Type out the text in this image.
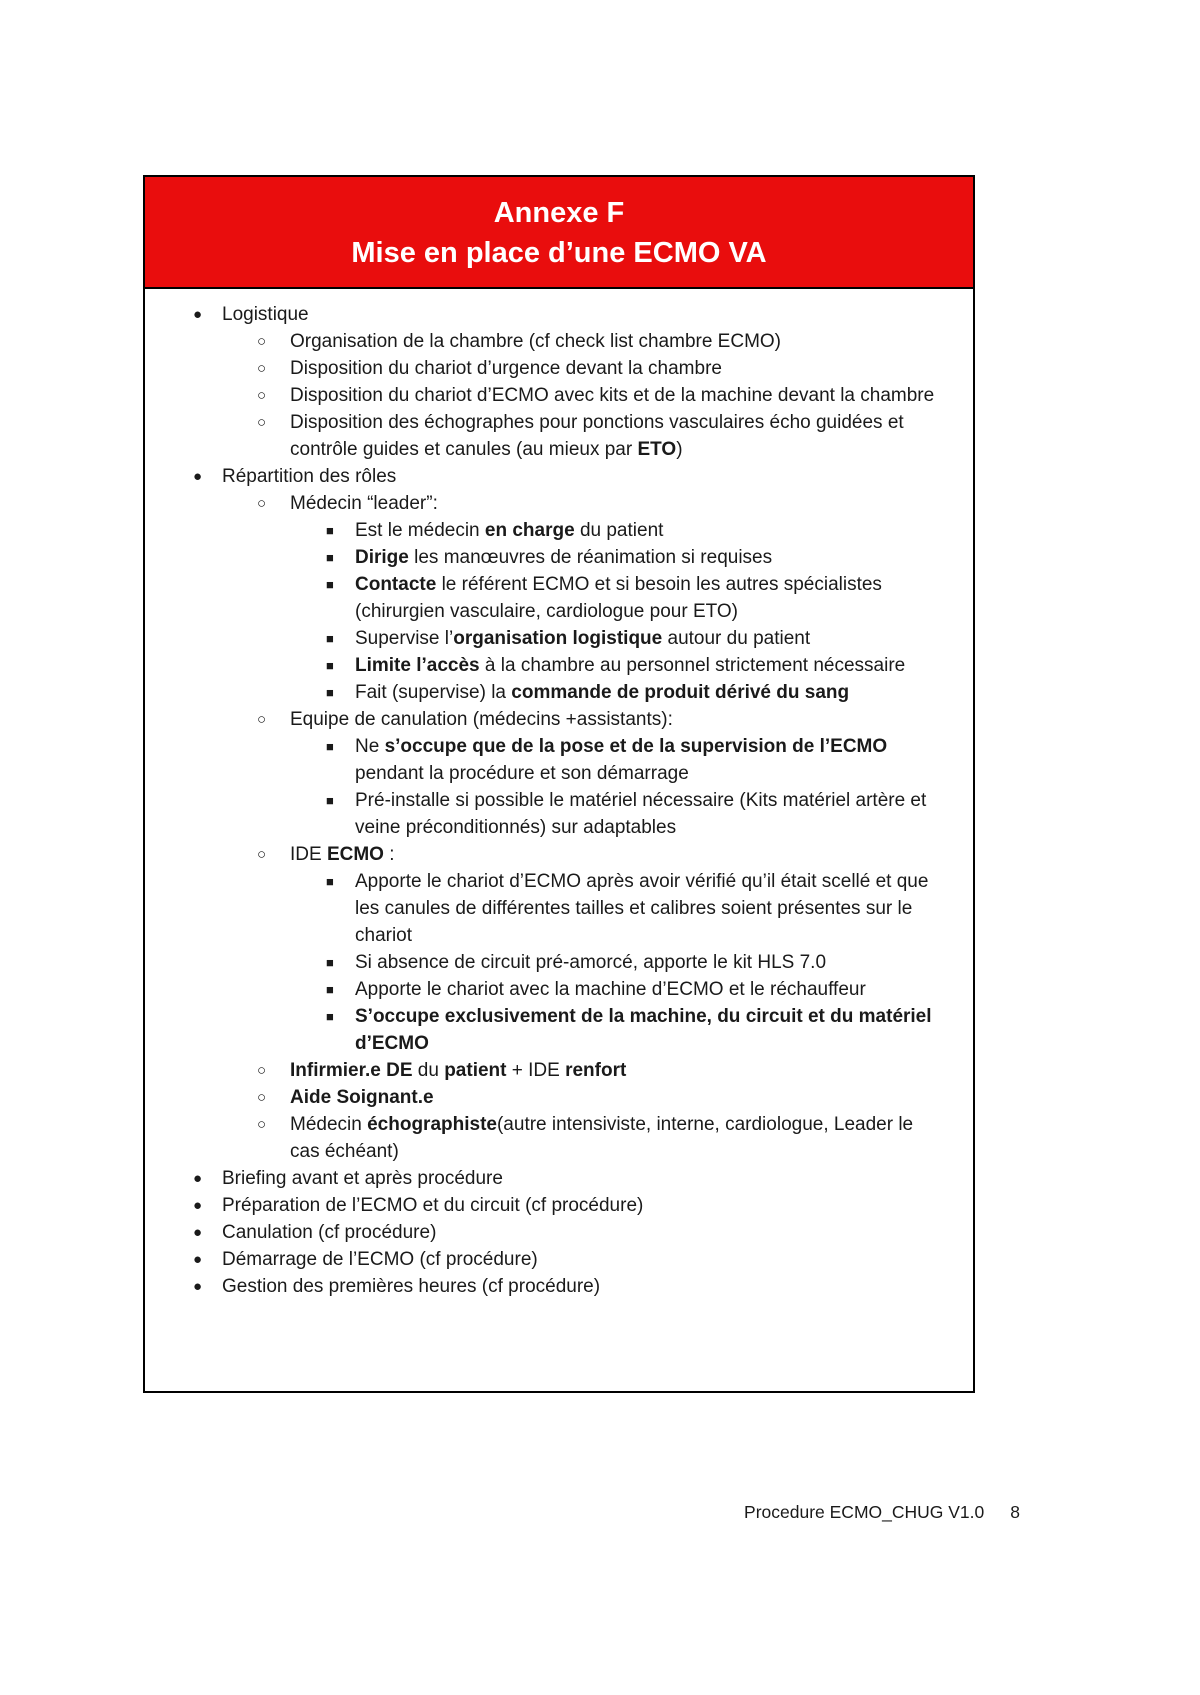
Annexe F
Mise en place d’une ECMO VA
● Logistique
○ Organisation de la chambre (cf check list chambre ECMO)
○ Disposition du chariot d’urgence devant la chambre
○ Disposition du chariot d’ECMO avec kits et de la machine devant la chambre
○ Disposition des échographes pour ponctions vasculaires écho guidées et contrôle guides et canules (au mieux par ETO)
● Répartition des rôles
○ Médecin “leader”:
■ Est le médecin en charge du patient
■ Dirige les manœuvres de réanimation si requises
■ Contacte le référent ECMO et si besoin les autres spécialistes (chirurgien vasculaire, cardiologue pour ETO)
■ Supervise l’organisation logistique autour du patient
■ Limite l’accès à la chambre au personnel strictement nécessaire
■ Fait (supervise) la commande de produit dérivé du sang
○ Equipe de canulation (médecins +assistants):
■ Ne s’occupe que de la pose et de la supervision de l’ECMO pendant la procédure et son démarrage
■ Pré-installe si possible le matériel nécessaire (Kits matériel artère et veine préconditionnés) sur adaptables
○ IDE ECMO :
■ Apporte le chariot d’ECMO après avoir vérifié qu’il était scellé et que les canules de différentes tailles et calibres soient présentes sur le chariot
■ Si absence de circuit pré-amorcé, apporte le kit HLS 7.0
■ Apporte le chariot avec la machine d’ECMO et le réchauffeur
■ S’occupe exclusivement de la machine, du circuit et du matériel d’ECMO
○ Infirmier.e DE du patient + IDE renfort
○ Aide Soignant.e
○ Médecin échographiste(autre intensiviste, interne, cardiologue, Leader le cas échéant)
● Briefing avant et après procédure
● Préparation de l’ECMO et du circuit (cf procédure)
● Canulation (cf procédure)
● Démarrage de l’ECMO (cf procédure)
● Gestion des premières heures (cf procédure)
Procedure ECMO_CHUG V1.0 8
